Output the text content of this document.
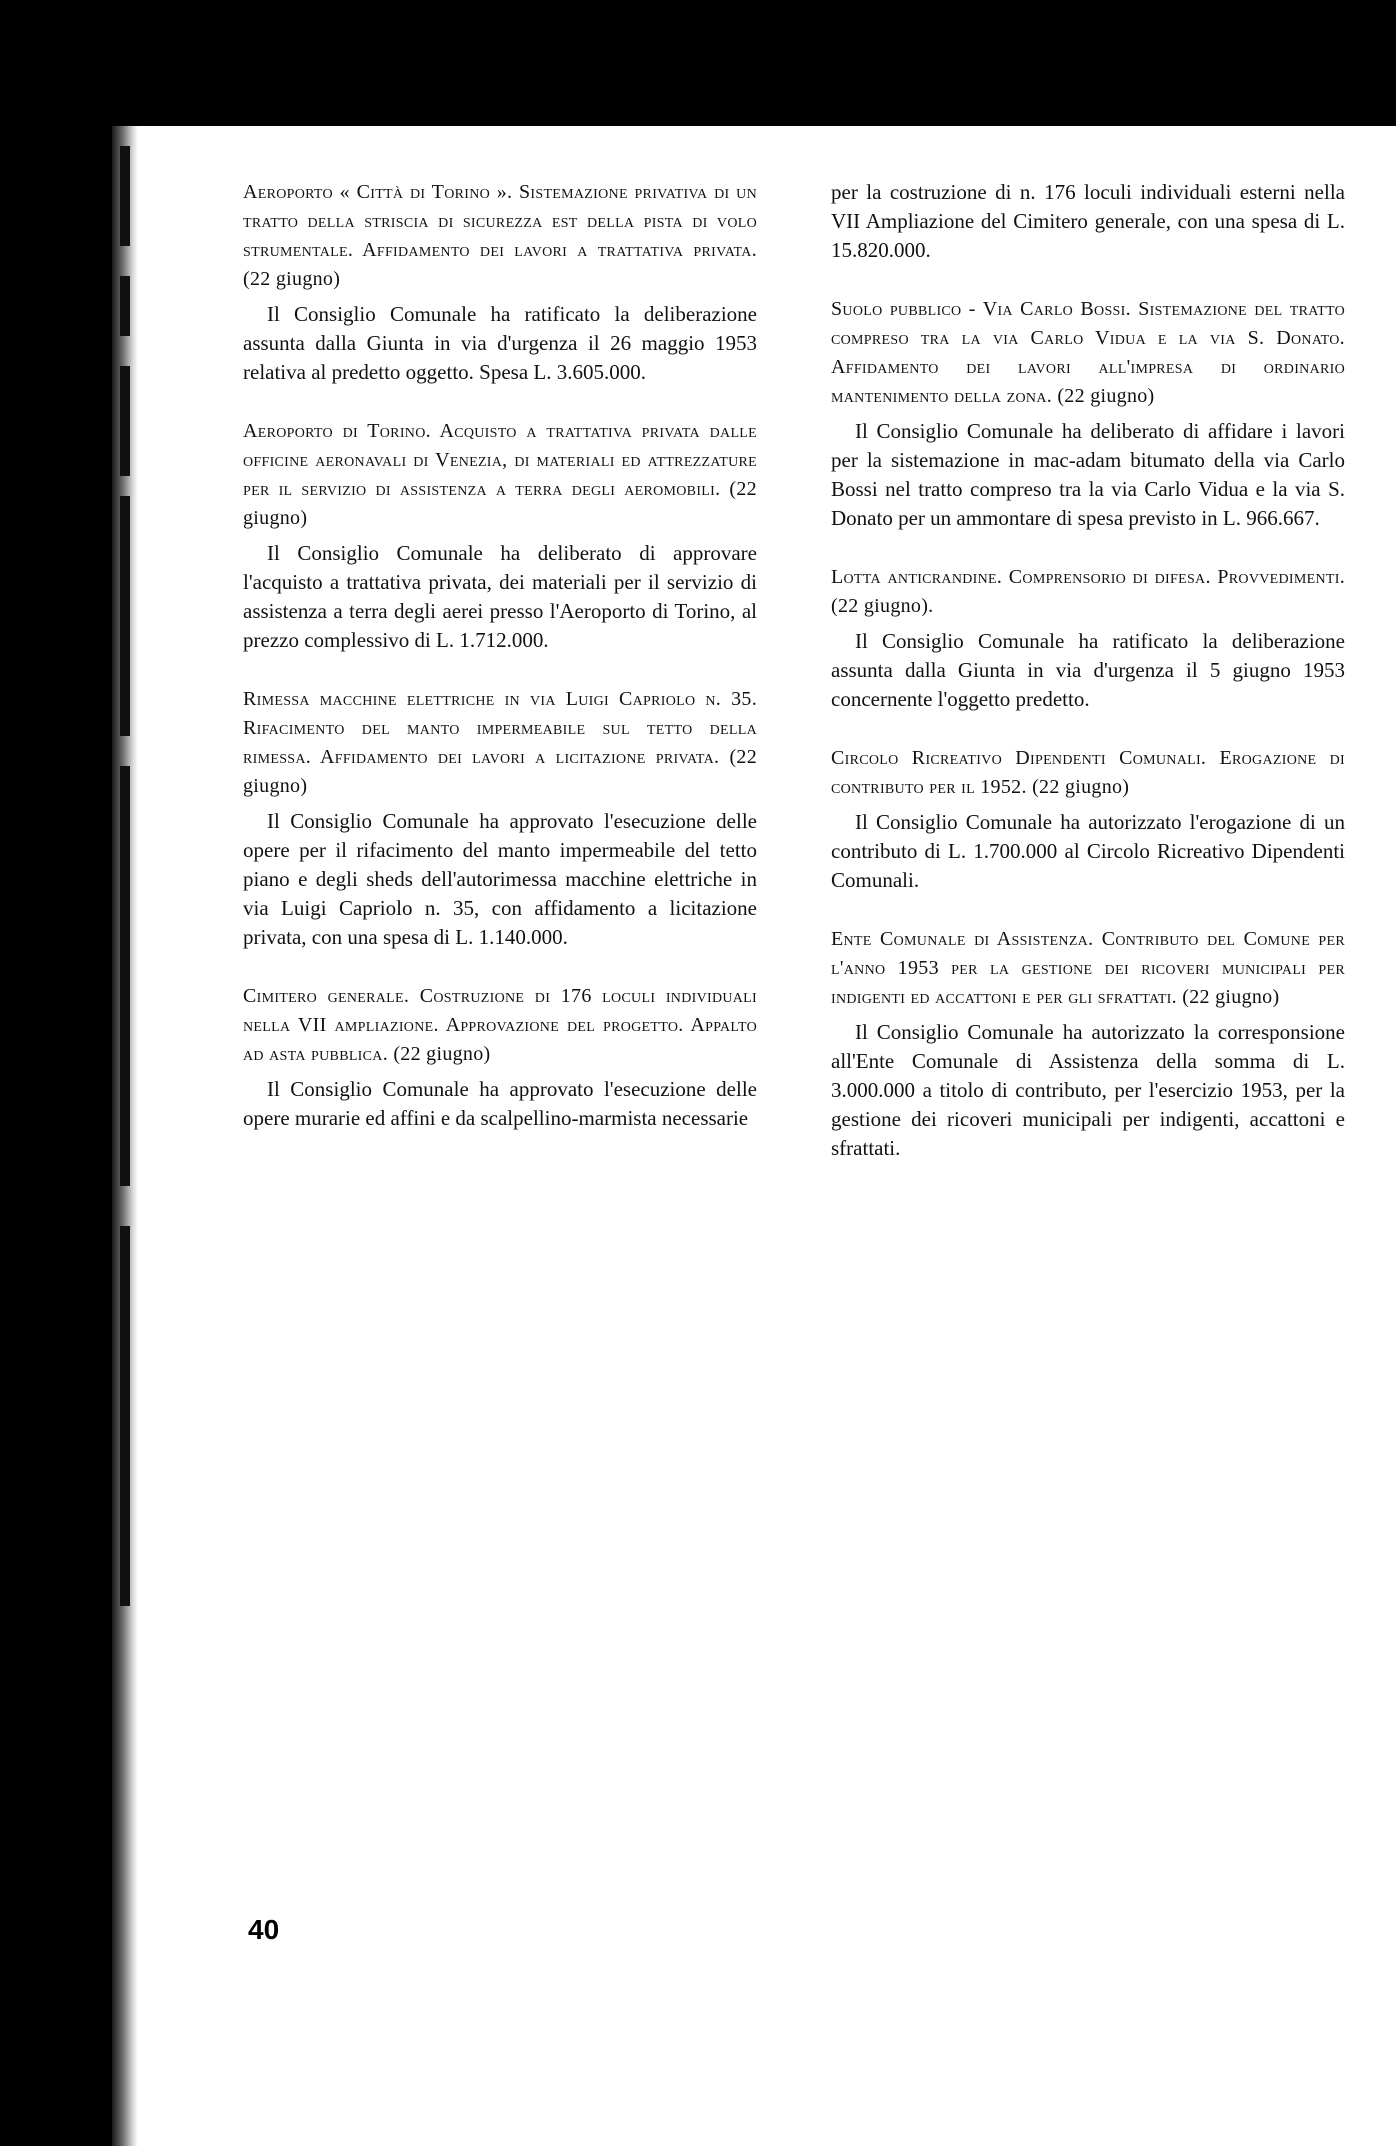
Aeroporto « Città di Torino ». Sistemazione privativa di un tratto della striscia di sicurezza est della pista di volo strumentale. Affidamento dei lavori a trattativa privata. (22 giugno)

Il Consiglio Comunale ha ratificato la deliberazione assunta dalla Giunta in via d'urgenza il 26 maggio 1953 relativa al predetto oggetto. Spesa L. 3.605.000.

Aeroporto di Torino. Acquisto a trattativa privata dalle officine aeronavali di Venezia, di materiali ed attrezzature per il servizio di assistenza a terra degli aeromobili. (22 giugno)

Il Consiglio Comunale ha deliberato di approvare l'acquisto a trattativa privata, dei materiali per il servizio di assistenza a terra degli aerei presso l'Aeroporto di Torino, al prezzo complessivo di L. 1.712.000.

Rimessa macchine elettriche in via Luigi Capriolo n. 35. Rifacimento del manto impermeabile sul tetto della rimessa. Affidamento dei lavori a licitazione privata. (22 giugno)

Il Consiglio Comunale ha approvato l'esecuzione delle opere per il rifacimento del manto impermeabile del tetto piano e degli sheds dell'autorimessa macchine elettriche in via Luigi Capriolo n. 35, con affidamento a licitazione privata, con una spesa di L. 1.140.000.

Cimitero generale. Costruzione di 176 loculi individuali nella VII ampliazione. Approvazione del progetto. Appalto ad asta pubblica. (22 giugno)

Il Consiglio Comunale ha approvato l'esecuzione delle opere murarie ed affini e da scalpellino-marmista necessarie

per la costruzione di n. 176 loculi individuali esterni nella VII Ampliazione del Cimitero generale, con una spesa di L. 15.820.000.

Suolo pubblico - Via Carlo Bossi. Sistemazione del tratto compreso tra la via Carlo Vidua e la via S. Donato. Affidamento dei lavori all'impresa di ordinario mantenimento della zona. (22 giugno)

Il Consiglio Comunale ha deliberato di affidare i lavori per la sistemazione in mac-adam bitumato della via Carlo Bossi nel tratto compreso tra la via Carlo Vidua e la via S. Donato per un ammontare di spesa previsto in L. 966.667.

Lotta anticrandine. Comprensorio di difesa. Provvedimenti. (22 giugno).

Il Consiglio Comunale ha ratificato la deliberazione assunta dalla Giunta in via d'urgenza il 5 giugno 1953 concernente l'oggetto predetto.

Circolo Ricreativo Dipendenti Comunali. Erogazione di contributo per il 1952. (22 giugno)

Il Consiglio Comunale ha autorizzato l'erogazione di un contributo di L. 1.700.000 al Circolo Ricreativo Dipendenti Comunali.

Ente Comunale di Assistenza. Contributo del Comune per l'anno 1953 per la gestione dei ricoveri municipali per indigenti ed accattoni e per gli sfrattati. (22 giugno)

Il Consiglio Comunale ha autorizzato la corresponsione all'Ente Comunale di Assistenza della somma di L. 3.000.000 a titolo di contributo, per l'esercizio 1953, per la gestione dei ricoveri municipali per indigenti, accattoni e sfrattati.

40
